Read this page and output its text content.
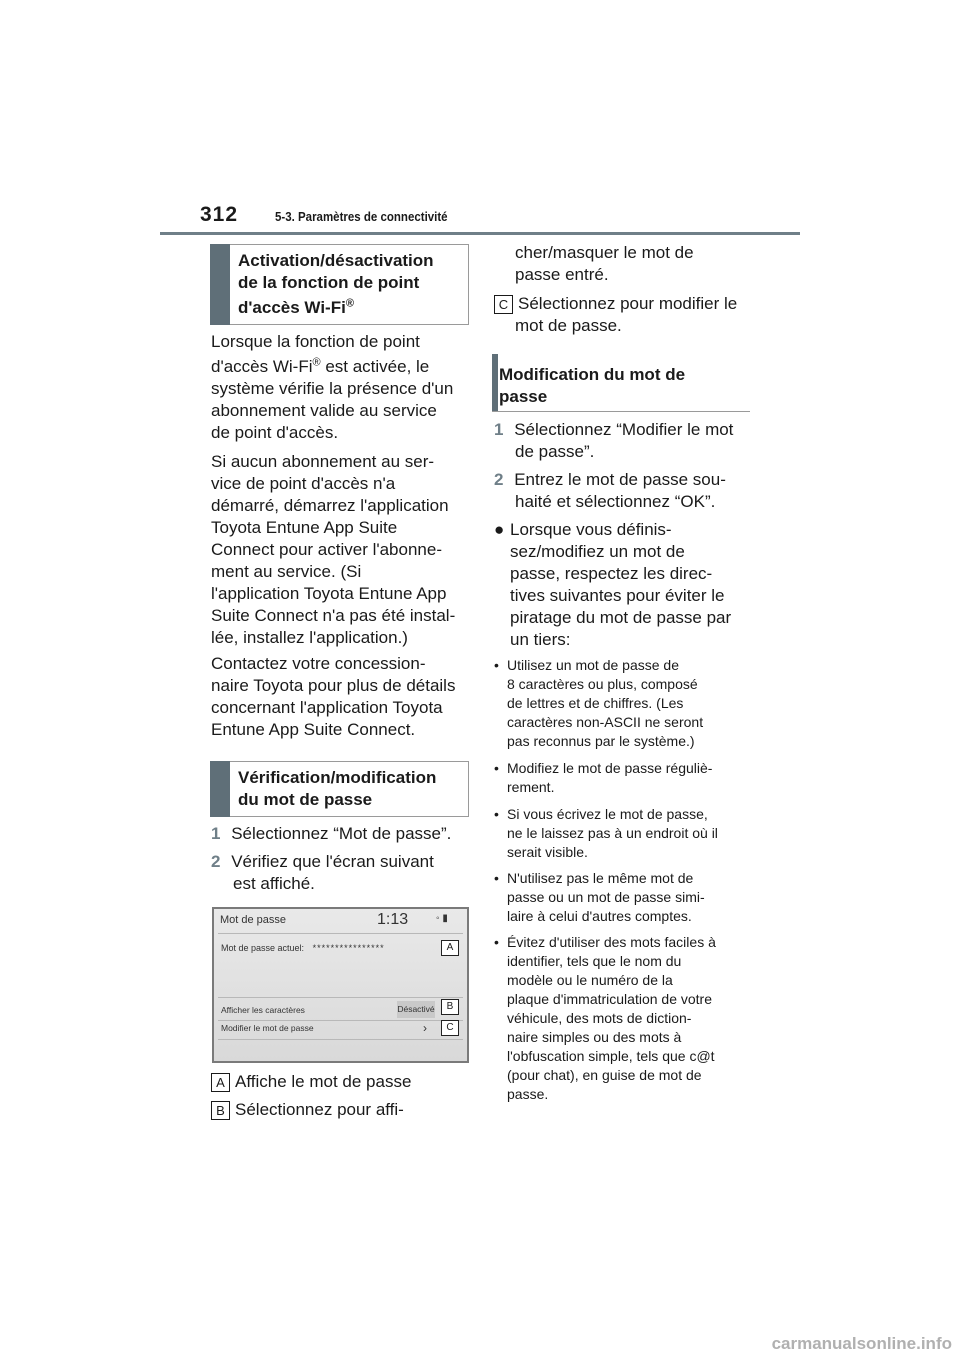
312	5-3. Paramètres de connectivité
Activation/désactivation
de la fonction de point
d'accès Wi-Fi®
Lorsque la fonction de point
d'accès Wi-Fi® est activée, le
système vérifie la présence d'un
abonnement valide au service
de point d'accès.
Si aucun abonnement au ser-
vice de point d'accès n'a
démarré, démarrez l'application
Toyota Entune App Suite
Connect pour activer l'abonne-
ment au service. (Si
l'application Toyota Entune App
Suite Connect n'a pas été instal-
lée, installez l'application.)
Contactez votre concession-
naire Toyota pour plus de détails
concernant l'application Toyota
Entune App Suite Connect.
Vérification/modification
du mot de passe
1 Sélectionnez “Mot de passe”.
2 Vérifiez que l'écran suivant
est affiché.
Mot de passe	1:13	◦ ▮
Mot de passe actuel: ****************
Afficher les caractères	Désactivé
Modifier le mot de passe	›
A
B
C
A Affiche le mot de passe
B Sélectionnez pour affi-
cher/masquer le mot de
passe entré.
C Sélectionnez pour modifier le
mot de passe.
Modification du mot de
passe
1 Sélectionnez “Modifier le mot
de passe”.
2 Entrez le mot de passe sou-
haité et sélectionnez “OK”.
● Lorsque vous définis-
sez/modifiez un mot de
passe, respectez les direc-
tives suivantes pour éviter le
piratage du mot de passe par
un tiers:
• Utilisez un mot de passe de
8 caractères ou plus, composé
de lettres et de chiffres. (Les
caractères non-ASCII ne seront
pas reconnus par le système.)
• Modifiez le mot de passe réguliè-
rement.
• Si vous écrivez le mot de passe,
ne le laissez pas à un endroit où il
serait visible.
• N'utilisez pas le même mot de
passe ou un mot de passe simi-
laire à celui d'autres comptes.
• Évitez d'utiliser des mots faciles à
identifier, tels que le nom du
modèle ou le numéro de la
plaque d'immatriculation de votre
véhicule, des mots de diction-
naire simples ou des mots à
l'obfuscation simple, tels que c@t
(pour chat), en guise de mot de
passe.
carmanualsonline.info
